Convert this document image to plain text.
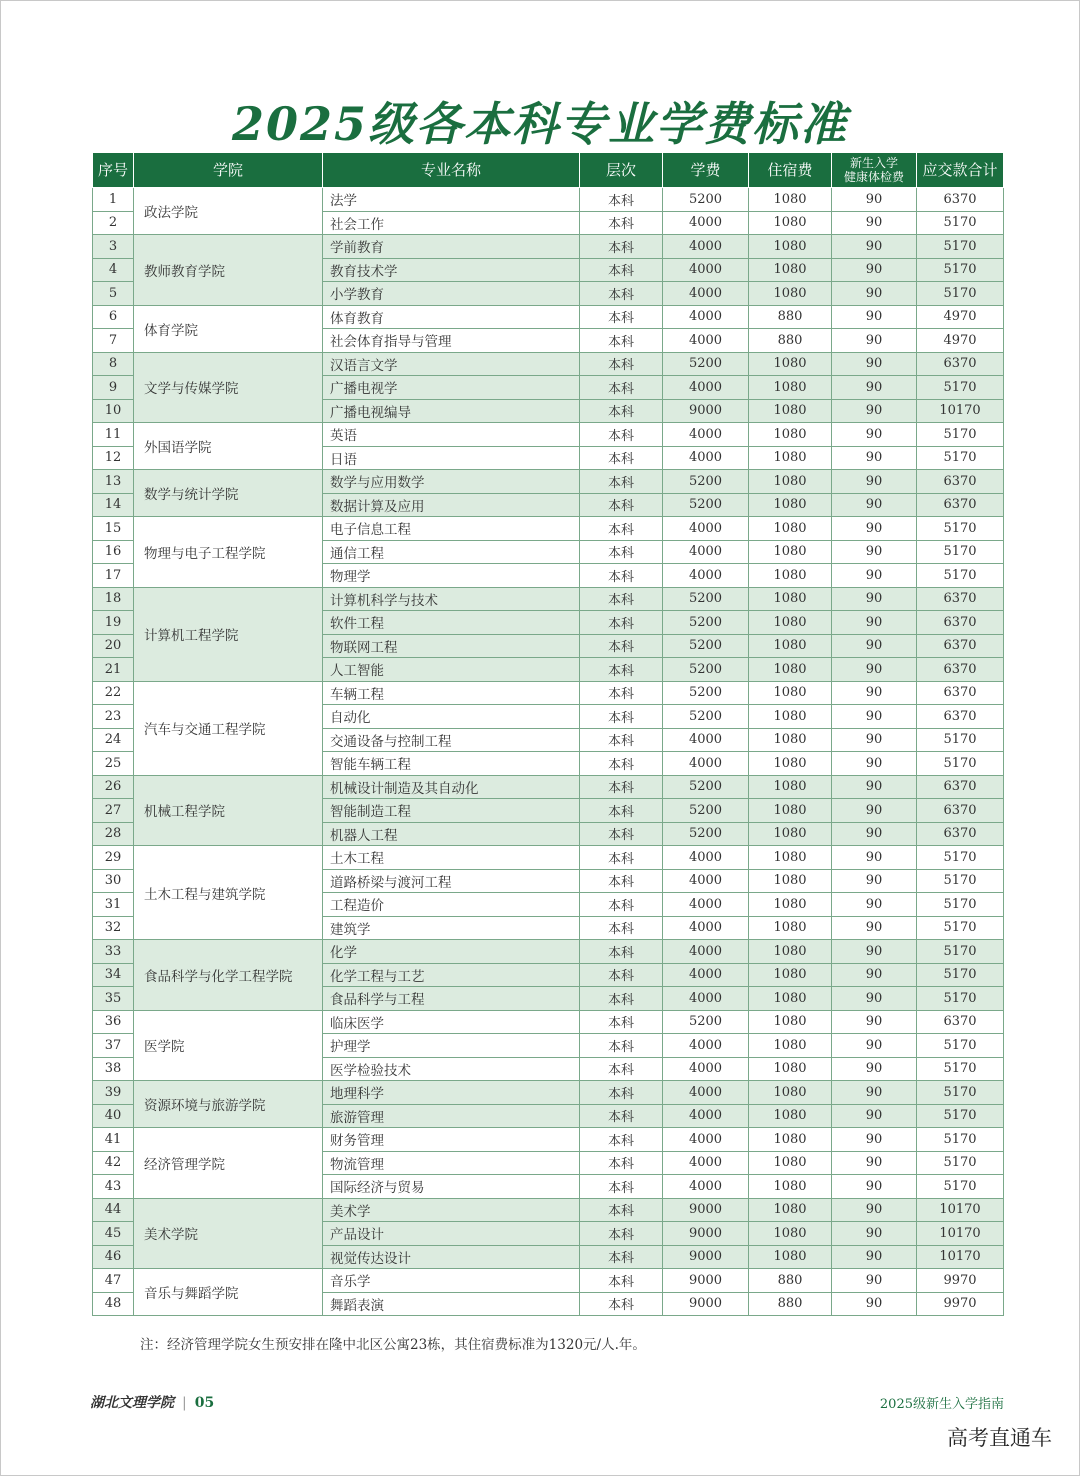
2025级各本科专业学费标准
序号	学院	专业名称	层次	学费	住宿费	新生入学
健康体检费	应交款合计
1	政法学院	法学	本科	5200	1080	90	6370
2		社会工作	本科	4000	1080	90	5170
3	教师教育学院	学前教育	本科	4000	1080	90	5170
4		教育技术学	本科	4000	1080	90	5170
5		小学教育	本科	4000	1080	90	5170
6	体育学院	体育教育	本科	4000	880	90	4970
7		社会体育指导与管理	本科	4000	880	90	4970
8	文学与传媒学院	汉语言文学	本科	5200	1080	90	6370
9		广播电视学	本科	4000	1080	90	5170
10		广播电视编导	本科	9000	1080	90	10170
11	外国语学院	英语	本科	4000	1080	90	5170
12		日语	本科	4000	1080	90	5170
13	数学与统计学院	数学与应用数学	本科	5200	1080	90	6370
14		数据计算及应用	本科	5200	1080	90	6370
15	物理与电子工程学院	电子信息工程	本科	4000	1080	90	5170
16		通信工程	本科	4000	1080	90	5170
17		物理学	本科	4000	1080	90	5170
18	计算机工程学院	计算机科学与技术	本科	5200	1080	90	6370
19		软件工程	本科	5200	1080	90	6370
20		物联网工程	本科	5200	1080	90	6370
21		人工智能	本科	5200	1080	90	6370
22	汽车与交通工程学院	车辆工程	本科	5200	1080	90	6370
23		自动化	本科	5200	1080	90	6370
24		交通设备与控制工程	本科	4000	1080	90	5170
25		智能车辆工程	本科	4000	1080	90	5170
26	机械工程学院	机械设计制造及其自动化	本科	5200	1080	90	6370
27		智能制造工程	本科	5200	1080	90	6370
28		机器人工程	本科	5200	1080	90	6370
29	土木工程与建筑学院	土木工程	本科	4000	1080	90	5170
30		道路桥梁与渡河工程	本科	4000	1080	90	5170
31		工程造价	本科	4000	1080	90	5170
32		建筑学	本科	4000	1080	90	5170
33	食品科学与化学工程学院	化学	本科	4000	1080	90	5170
34		化学工程与工艺	本科	4000	1080	90	5170
35		食品科学与工程	本科	4000	1080	90	5170
36	医学院	临床医学	本科	5200	1080	90	6370
37		护理学	本科	4000	1080	90	5170
38		医学检验技术	本科	4000	1080	90	5170
39	资源环境与旅游学院	地理科学	本科	4000	1080	90	5170
40		旅游管理	本科	4000	1080	90	5170
41	经济管理学院	财务管理	本科	4000	1080	90	5170
42		物流管理	本科	4000	1080	90	5170
43		国际经济与贸易	本科	4000	1080	90	5170
44	美术学院	美术学	本科	9000	1080	90	10170
45		产品设计	本科	9000	1080	90	10170
46		视觉传达设计	本科	9000	1080	90	10170
47	音乐与舞蹈学院	音乐学	本科	9000	880	90	9970
48		舞蹈表演	本科	9000	880	90	9970
注：经济管理学院女生预安排在隆中北区公寓23栋，其住宿费标准为1320元/人.年。
湖北文理学院 | 05	2025级新生入学指南
高考直通车
